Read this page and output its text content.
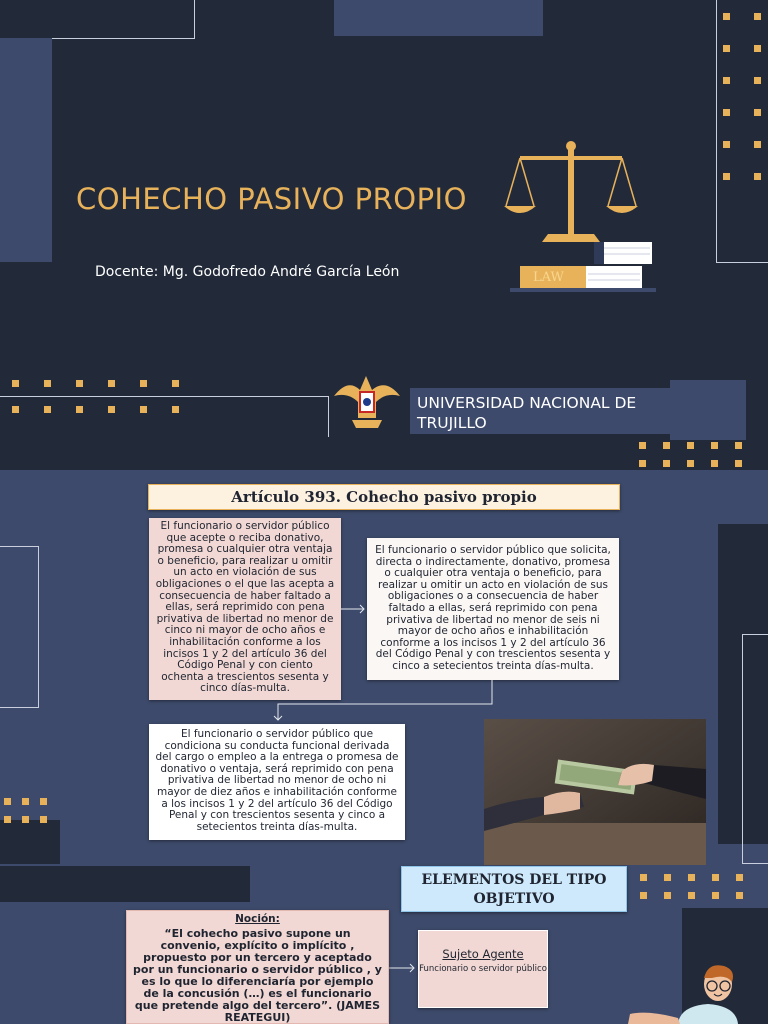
COHECHO PASIVO PROPIO
Docente: Mg. Godofredo André García León	LAW
UNIVERSIDAD NACIONAL DE
TRUJILLO
Artículo 393. Cohecho pasivo propio
El funcionario o servidor público que acepte o reciba donativo, promesa o cualquier otra ventaja o beneficio, para realizar u omitir un acto en violación de sus obligaciones o el que las acepta a consecuencia de haber faltado a ellas, será reprimido con pena privativa de libertad no menor de cinco ni mayor de ocho años e inhabilitación conforme a los incisos 1 y 2 del artículo 36 del Código Penal y con ciento ochenta a trescientos sesenta y cinco días-multa.
El funcionario o servidor público que solicita, directa o indirectamente, donativo, promesa o cualquier otra ventaja o beneficio, para realizar u omitir un acto en violación de sus obligaciones o a consecuencia de haber faltado a ellas, será reprimido con pena privativa de libertad no menor de seis ni mayor de ocho años e inhabilitación conforme a los incisos 1 y 2 del artículo 36 del Código Penal y con trescientos sesenta y cinco a setecientos treinta días-multa.
El funcionario o servidor público que condiciona su conducta funcional derivada del cargo o empleo a la entrega o promesa de donativo o ventaja, será reprimido con pena privativa de libertad no menor de ocho ni mayor de diez años e inhabilitación conforme a los incisos 1 y 2 del artículo 36 del Código Penal y con trescientos sesenta y cinco a setecientos treinta días-multa.
ELEMENTOS DEL TIPO
OBJETIVO
Noción:
“El cohecho pasivo supone un convenio, explícito o implícito , propuesto por un tercero y aceptado por un funcionario o servidor público , y es lo que lo diferenciaría por ejemplo de la concusión (…) es el funcionario que pretende algo del tercero”. (JAMES REATEGUI)
Sujeto Agente
Funcionario o servidor público
